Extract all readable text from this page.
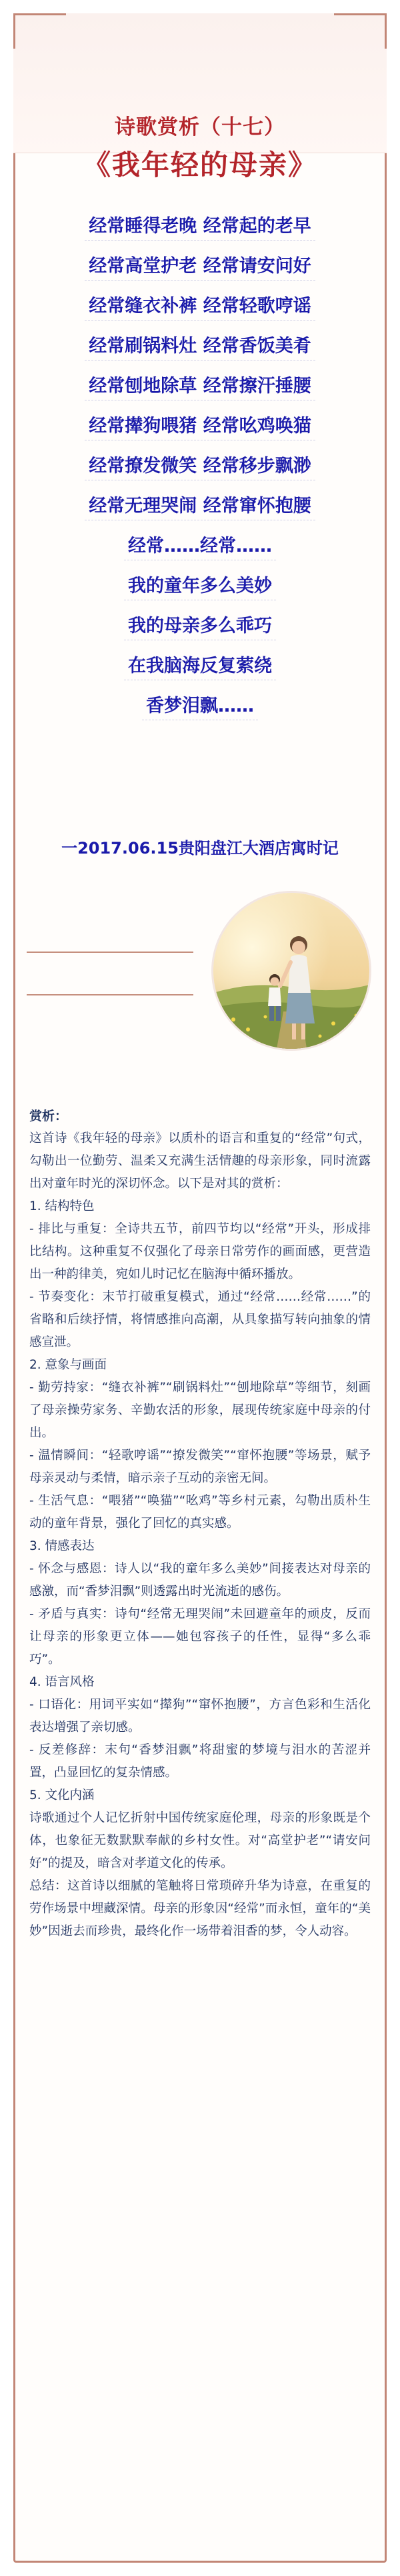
诗歌赏析（十七）
《我年轻的母亲》
经常睡得老晚 经常起的老早
经常高堂护老 经常请安问好
经常缝衣补裤 经常轻歌哼谣
经常刷锅料灶 经常香饭美肴
经常刨地除草 经常擦汗捶腰
经常撵狗喂猪 经常吆鸡唤猫
经常撩发微笑 经常移步飘渺
经常无理哭闹 经常窜怀抱腰
经常……经常……
我的童年多么美妙
我的母亲多么乖巧
在我脑海反复萦绕
香梦泪飘……
一2017.06.15贵阳盘江大酒店寓时记

赏析：

这首诗《我年轻的母亲》以质朴的语言和重复的“经常”句式，勾勒出一位勤劳、温柔又充满生活情趣的母亲形象，同时流露出对童年时光的深切怀念。以下是对其的赏析：

1. 结构特色

- 排比与重复：全诗共五节，前四节均以“经常”开头，形成排比结构。这种重复不仅强化了母亲日常劳作的画面感，更营造出一种韵律美，宛如儿时记忆在脑海中循环播放。

- 节奏变化：末节打破重复模式，通过“经常……经常……”的省略和后续抒情，将情感推向高潮，从具象描写转向抽象的情感宣泄。

2. 意象与画面

- 勤劳持家：“缝衣补裤”“刷锅料灶”“刨地除草”等细节，刻画了母亲操劳家务、辛勤农活的形象，展现传统家庭中母亲的付出。

- 温情瞬间：“轻歌哼谣”“撩发微笑”“窜怀抱腰”等场景，赋予母亲灵动与柔情，暗示亲子互动的亲密无间。

- 生活气息：“喂猪”“唤猫”“吆鸡”等乡村元素，勾勒出质朴生动的童年背景，强化了回忆的真实感。

3. 情感表达

- 怀念与感恩：诗人以“我的童年多么美妙”间接表达对母亲的感激，而“香梦泪飘”则透露出时光流逝的感伤。

- 矛盾与真实：诗句“经常无理哭闹”未回避童年的顽皮，反而让母亲的形象更立体——她包容孩子的任性，显得“多么乖巧”。

4. 语言风格

- 口语化：用词平实如“撵狗”“窜怀抱腰”，方言色彩和生活化表达增强了亲切感。

- 反差修辞：末句“香梦泪飘”将甜蜜的梦境与泪水的苦涩并置，凸显回忆的复杂情感。

5. 文化内涵

诗歌通过个人记忆折射中国传统家庭伦理，母亲的形象既是个体，也象征无数默默奉献的乡村女性。对“高堂护老”“请安问好”的提及，暗含对孝道文化的传承。

总结：这首诗以细腻的笔触将日常琐碎升华为诗意，在重复的劳作场景中埋藏深情。母亲的形象因“经常”而永恒，童年的“美妙”因逝去而珍贵，最终化作一场带着泪香的梦，令人动容。
